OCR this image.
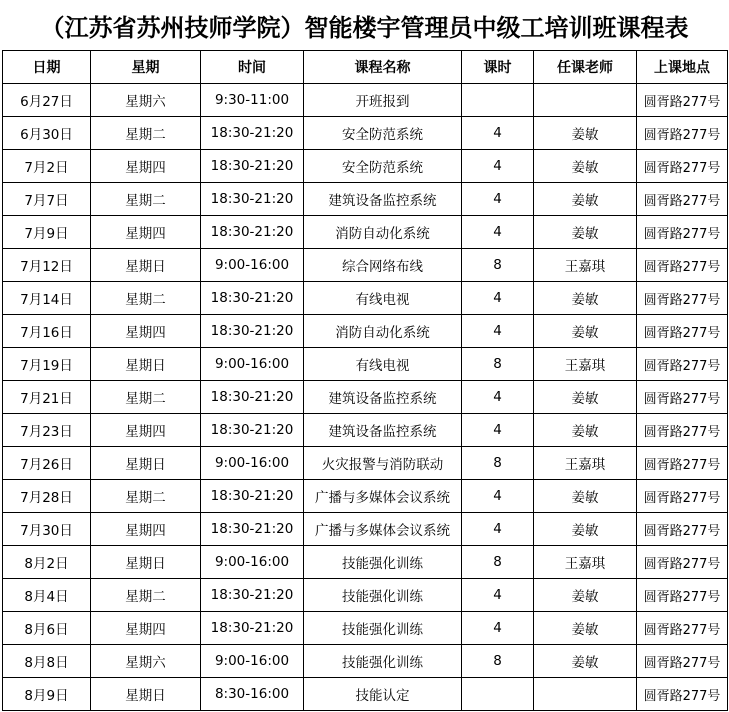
（江苏省苏州技师学院）智能楼宇管理员中级工培训班课程表
日期	星期	时间	课程名称	课时	任课老师	上课地点
6月27日	星期六	9:30-11:00	开班报到			圆胥路277号
6月30日	星期二	18:30-21:20	安全防范系统	4	姜敏	圆胥路277号
7月2日	星期四	18:30-21:20	安全防范系统	4	姜敏	圆胥路277号
7月7日	星期二	18:30-21:20	建筑设备监控系统	4	姜敏	圆胥路277号
7月9日	星期四	18:30-21:20	消防自动化系统	4	姜敏	圆胥路277号
7月12日	星期日	9:00-16:00	综合网络布线	8	王嘉琪	圆胥路277号
7月14日	星期二	18:30-21:20	有线电视	4	姜敏	圆胥路277号
7月16日	星期四	18:30-21:20	消防自动化系统	4	姜敏	圆胥路277号
7月19日	星期日	9:00-16:00	有线电视	8	王嘉琪	圆胥路277号
7月21日	星期二	18:30-21:20	建筑设备监控系统	4	姜敏	圆胥路277号
7月23日	星期四	18:30-21:20	建筑设备监控系统	4	姜敏	圆胥路277号
7月26日	星期日	9:00-16:00	火灾报警与消防联动	8	王嘉琪	圆胥路277号
7月28日	星期二	18:30-21:20	广播与多媒体会议系统	4	姜敏	圆胥路277号
7月30日	星期四	18:30-21:20	广播与多媒体会议系统	4	姜敏	圆胥路277号
8月2日	星期日	9:00-16:00	技能强化训练	8	王嘉琪	圆胥路277号
8月4日	星期二	18:30-21:20	技能强化训练	4	姜敏	圆胥路277号
8月6日	星期四	18:30-21:20	技能强化训练	4	姜敏	圆胥路277号
8月8日	星期六	9:00-16:00	技能强化训练	8	姜敏	圆胥路277号
8月9日	星期日	8:30-16:00	技能认定			圆胥路277号
